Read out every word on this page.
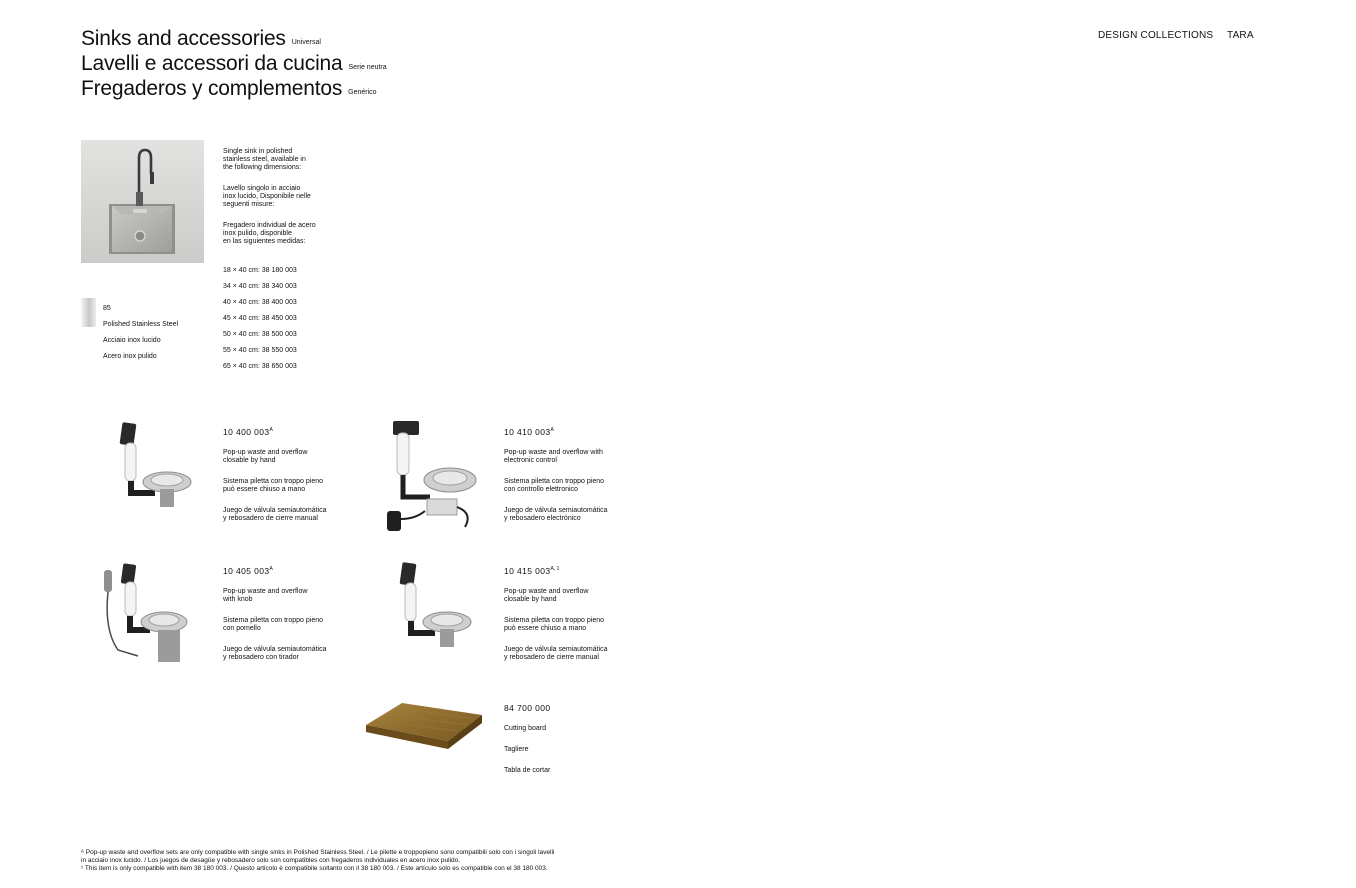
Sinks and accessories Universal
Lavelli e accessori da cucina Serie neutra
Fregaderos y complementos Genérico
DESIGN COLLECTIONS TARA

Single sink in polished
stainless steel, available in
the following dimensions:

Lavello singolo in acciaio
inox lucido, Disponibile nelle
seguenti misure:

Fregadero individual de acero
inox pulido, disponible
en las siguientes medidas:

18 × 40 cm: 38 180 003

34 × 40 cm: 38 340 003

40 × 40 cm: 38 400 003

45 × 40 cm: 38 450 003

50 × 40 cm: 38 500 003

55 × 40 cm: 38 550 003

65 × 40 cm: 38 650 003

85

Polished Stainless Steel

Acciaio inox lucido

Acero inox pulido

10 400 $003^A$

Pop-up waste and overflow
closable by hand

Sistema piletta con troppo pieno
può essere chiuso a mano

Juego de válvula semiautomática
y rebosadero de cierre manual

10 410 $003^A$

Pop-up waste and overflow with
electronic control

Sistema piletta con troppo pieno
con controllo elettronico

Juego de válvula semiautomática
y rebosadero electrónico

10 405 $003^A$

Pop-up waste and overflow
with knob

Sistema piletta con troppo pieno
con pomello

Juego de válvula semiautomática
y rebosadero con tirador

10 415 $003^{A, 1}$

Pop-up waste and overflow
closable by hand

Sistema piletta con troppo pieno
può essere chiuso a mano

Juego de válvula semiautomática
y rebosadero de cierre manual

84 700 000

Cutting board

Tagliere

Tabla de cortar

ᴬ Pop-up waste and overflow sets are only compatible with single sinks in Polished Stainless Steel. / Le pilette e troppopieno sono compatibili solo con i singoli lavelli
in acciaio inox lucido. / Los juegos de desagüe y rebosadero solo son compatibles con fregaderos individuales en acero inox pulido.
¹ This item is only compatible with item 38 180 003. / Questo articolo è compatibile soltanto con il 38 180 003. / Este artículo solo es compatible con el 38 180 003.
